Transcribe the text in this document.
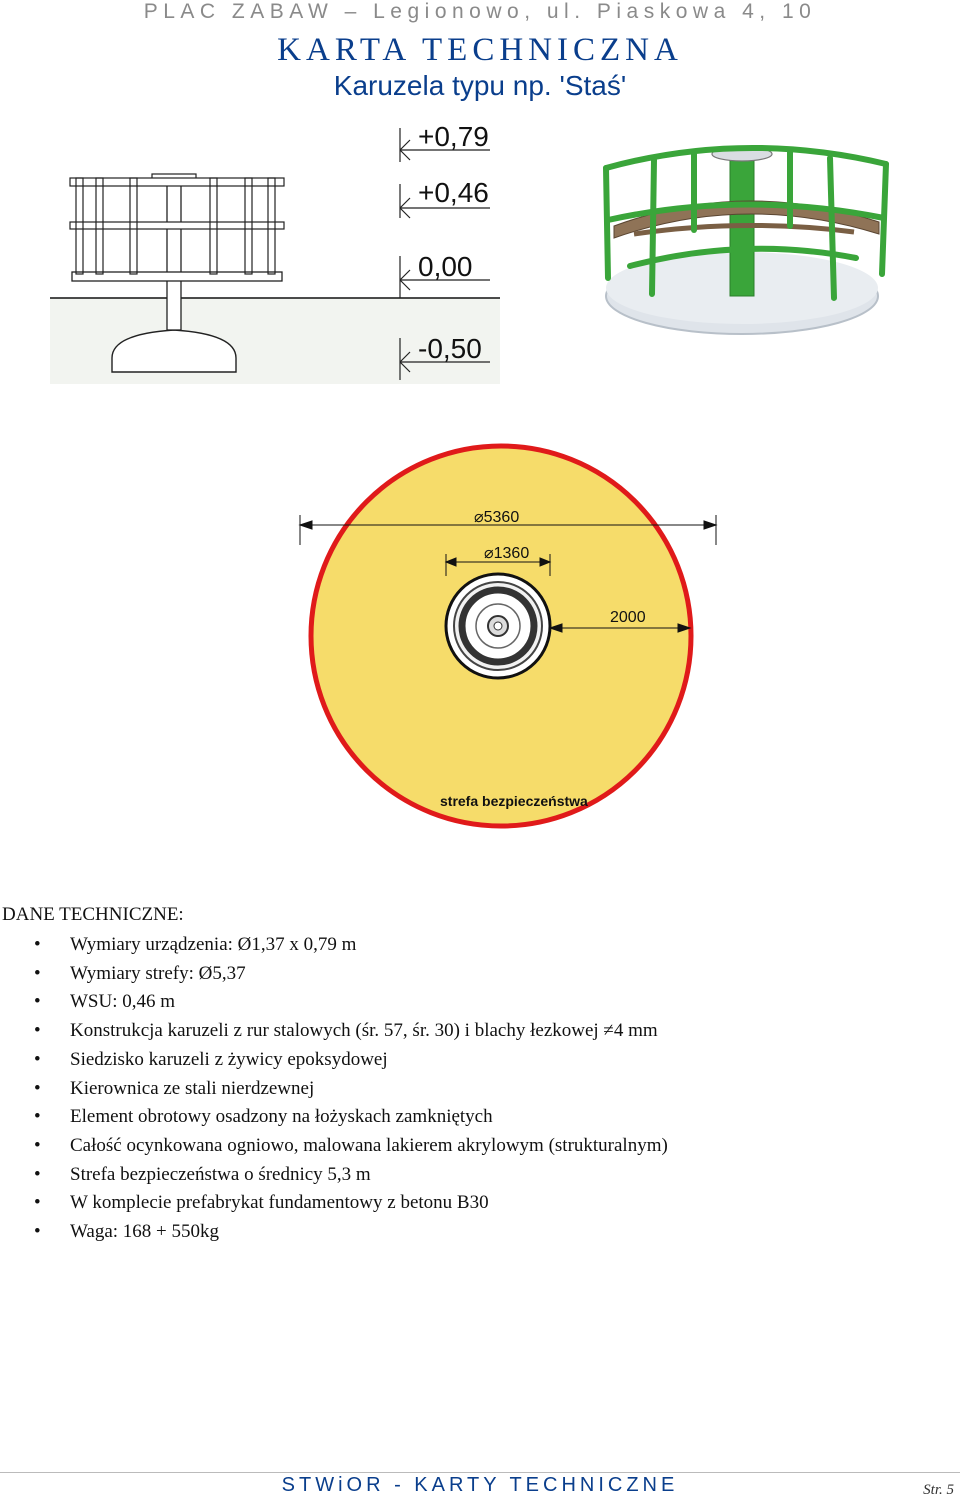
PLAC ZABAW – Legionowo, ul. Piaskowa 4, 10
KARTA TECHNICZNA
Karuzela typu np. 'Staś'
+0,79
+0,46
0,00
-0,50
⌀5360
⌀1360
2000
strefa bezpieczeństwa
DANE TECHNICZNE:
• Wymiary urządzenia: Ø1,37 x 0,79 m
• Wymiary strefy: Ø5,37
• WSU: 0,46 m
• Konstrukcja karuzeli z rur stalowych (śr. 57, śr. 30) i blachy łezkowej ≠4 mm
• Siedzisko karuzeli z żywicy epoksydowej
• Kierownica ze stali nierdzewnej
• Element obrotowy osadzony na łożyskach zamkniętych
• Całość ocynkowana ogniowo, malowana lakierem akrylowym (strukturalnym)
• Strefa bezpieczeństwa o średnicy 5,3 m
• W komplecie prefabrykat fundamentowy z betonu B30
• Waga: 168 + 550kg
STWiOR - KARTY TECHNICZNE	Str. 5
